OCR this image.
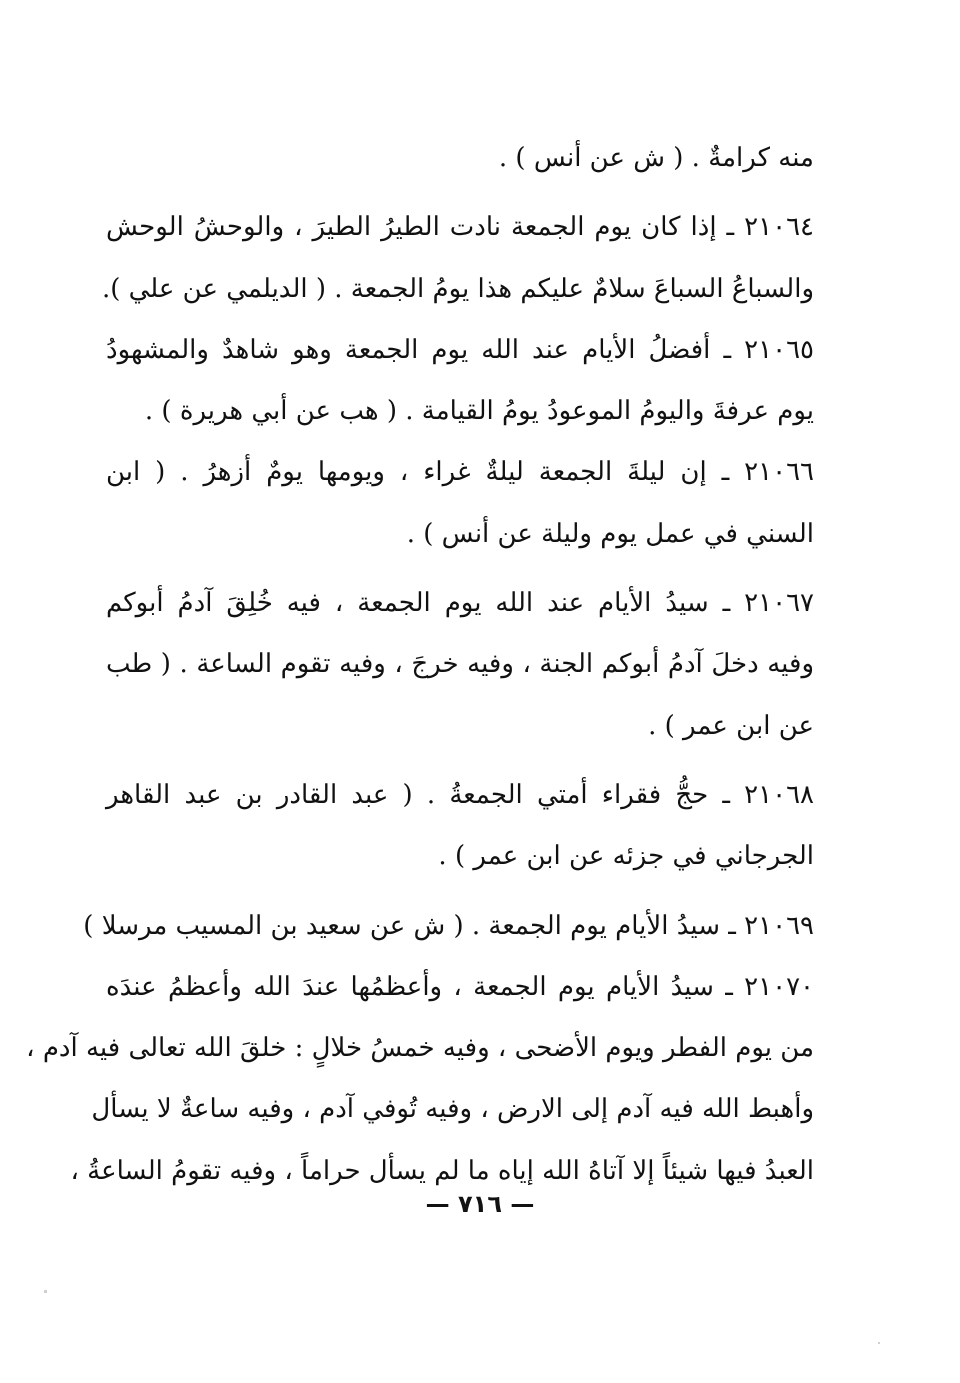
منه كرامةٌ . ( ش عن أنس ) .
٢١٠٦٤ ـ إذا كان يوم الجمعة نادت الطيرُ الطيرَ ، والوحشُ الوحش
والسباعُ السباعَ سلامٌ عليكم هذا يومُ الجمعة . ( الديلمي عن علي ).
٢١٠٦٥ ـ أفضلُ الأيام عند الله يوم الجمعة وهو شاهدٌ والمشهودُ
يوم عرفةَ واليومُ الموعودُ يومُ القيامة . ( هب عن أبي هريرة ) .
٢١٠٦٦ ـ إن ليلةَ الجمعة ليلةٌ غراء ، ويومها يومٌ أزهرُ . ( ابن
السني في عمل يوم وليلة عن أنس ) .
٢١٠٦٧ ـ سيدُ الأيام عند الله يوم الجمعة ، فيه خُلِقَ آدمُ أبوكم
وفيه دخلَ آدمُ أبوكم الجنة ، وفيه خرجَ ، وفيه تقوم الساعة . ( طب
عن ابن عمر ) .
٢١٠٦٨ ـ حجُّ فقراء أمتي الجمعةُ . ( عبد القادر بن عبد القاهر
الجرجاني في جزئه عن ابن عمر ) .
٢١٠٦٩ ـ سيدُ الأيام يوم الجمعة . ( ش عن سعيد بن المسيب مرسلا )
٢١٠٧٠ ـ سيدُ الأيام يوم الجمعة ، وأعظمُها عندَ الله وأعظمُ عندَه
من يوم الفطر ويوم الأضحى ، وفيه خمسُ خلالٍ : خلقَ الله تعالى فيه آدم ،
وأهبط الله فيه آدم إلى الارض ، وفيه تُوفي آدم ، وفيه ساعةٌ لا يسأل
العبدُ فيها شيئاً إلا آتاهُ الله إياه ما لم يسأل حراماً ، وفيه تقومُ الساعةُ ،
— ٧١٦ —
